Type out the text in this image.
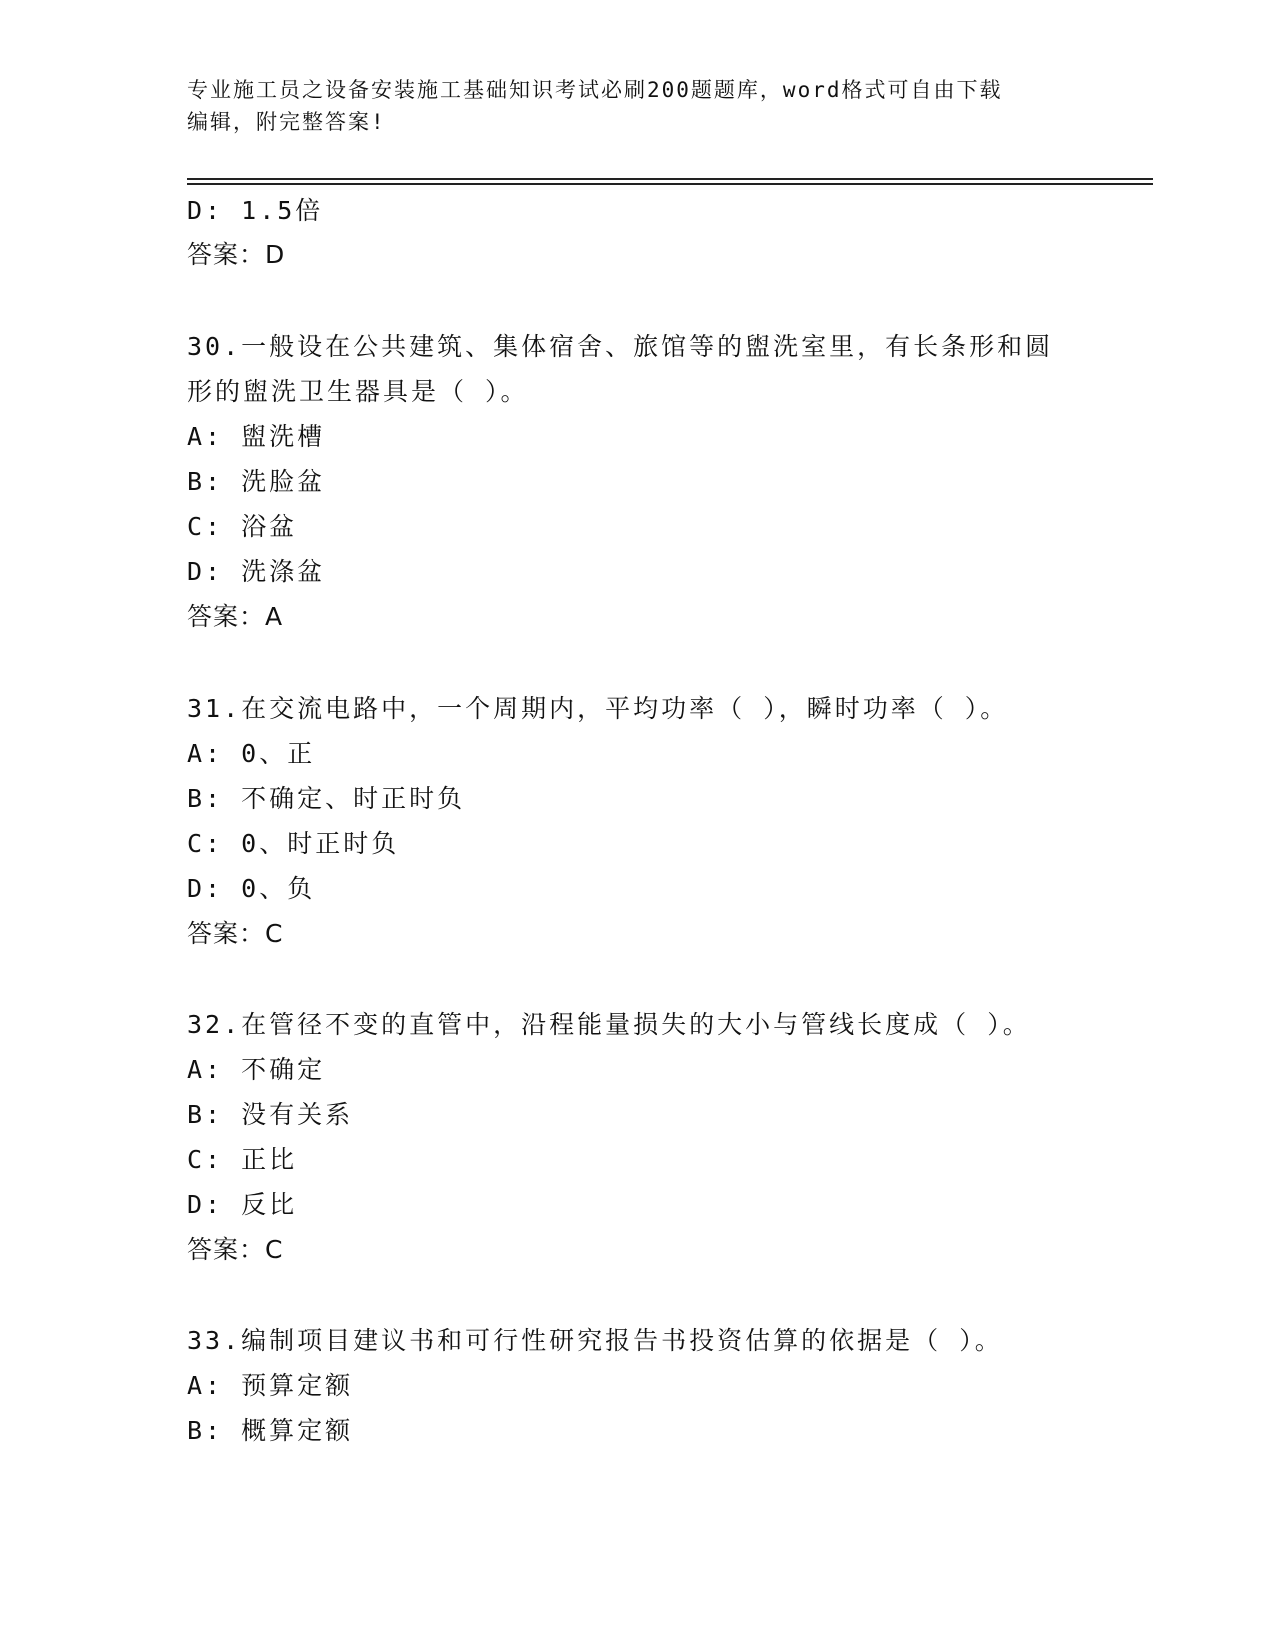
专业施工员之设备安装施工基础知识考试必刷200题题库，word格式可自由下载
编辑，附完整答案!
D: 1.5倍
答案：D
30.一般设在公共建筑、集体宿舍、旅馆等的盥洗室里，有长条形和圆
形的盥洗卫生器具是（ ）。
A: 盥洗槽
B: 洗脸盆
C: 浴盆
D: 洗涤盆
答案：A
31.在交流电路中，一个周期内，平均功率（ ），瞬时功率（ ）。
A: 0、正
B: 不确定、时正时负
C: 0、时正时负
D: 0、负
答案：C
32.在管径不变的直管中，沿程能量损失的大小与管线长度成（ ）。
A: 不确定
B: 没有关系
C: 正比
D: 反比
答案：C
33.编制项目建议书和可行性研究报告书投资估算的依据是（ ）。
A: 预算定额
B: 概算定额
